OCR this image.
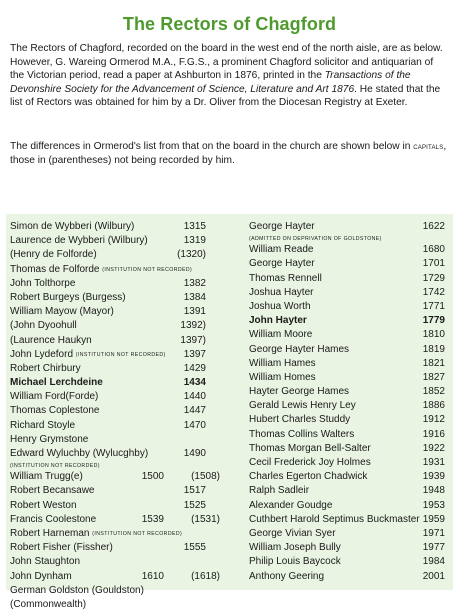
The Rectors of Chagford

The Rectors of Chagford, recorded on the board in the west end of the north aisle, are as below. However, G. Wareing Ormerod M.A., F.G.S., a prominent Chagford solicitor and antiquarian of the Victorian period, read a paper at Ashburton in 1876, printed in the Transactions of the Devonshire Society for the Advancement of Science, Literature and Art 1876. He stated that the list of Rectors was obtained for him by a Dr. Oliver from the Diocesan Registry at Exeter.

The differences in Ormerod's list from that on the board in the church are shown below in capitals, those in (parentheses) not being recorded by him.

Simon de Wybberi (Wilbury)	1315
Laurence de Wybberi (Wilbury)	1319
(Henry de Folforde)	(1320)
Thomas de Folforde (INSTITUTION NOT RECORDED)
John Tolthorpe	1382
Robert Burgeys (Burgess)	1384
William Mayow (Mayor)	1391
(John Dyoohull	1392)
(Laurence Haukyn	1397)
John Lydeford (INSTITUTION NOT RECORDED)	1397
Robert Chirbury	1429
Michael Lerchdeine	1434
William Ford(Forde)	1440
Thomas Coplestone	1447
Richard Stoyle	1470
Henry Grymstone
Edward Wyluchby (Wylucghby)	1490
(INSTITUTION NOT RECORDED)
William Trugg(e)	1500	(1508)
Robert Becansawe	1517
Robert Weston	1525
Francis Coolestone	1539	(1531)
Robert Harneman (INSTITUTION NOT RECORDED)
Robert Fisher (Fissher)	1555
John Staughton
John Dynham	1610	(1618)
German Goldston (Gouldston)
(Commonwealth)
George Hayter	1622
(ADMITTED ON DEPRIVATION OF GOLDSTONE)
William Reade	1680
George Hayter	1701
Thomas Rennell	1729
Joshua Hayter	1742
Joshua Worth	1771
John Hayter	1779
William Moore	1810
George Hayter Hames	1819
William Hames	1821
William Homes	1827
Hayter George Hames	1852
Gerald Lewis Henry Ley	1886
Hubert Charles Studdy	1912
Thomas Collins Walters	1916
Thomas Morgan Bell-Salter	1922
Cecil Frederick Joy Holmes	1931
Charles Egerton Chadwick	1939
Ralph Sadleir	1948
Alexander Goudge	1953
Cuthbert Harold Septimus Buckmaster 1959
George Vivian Syer	1971
William Joseph Bully	1977
Philip Louis Baycock	1984
Anthony Geering	2001
